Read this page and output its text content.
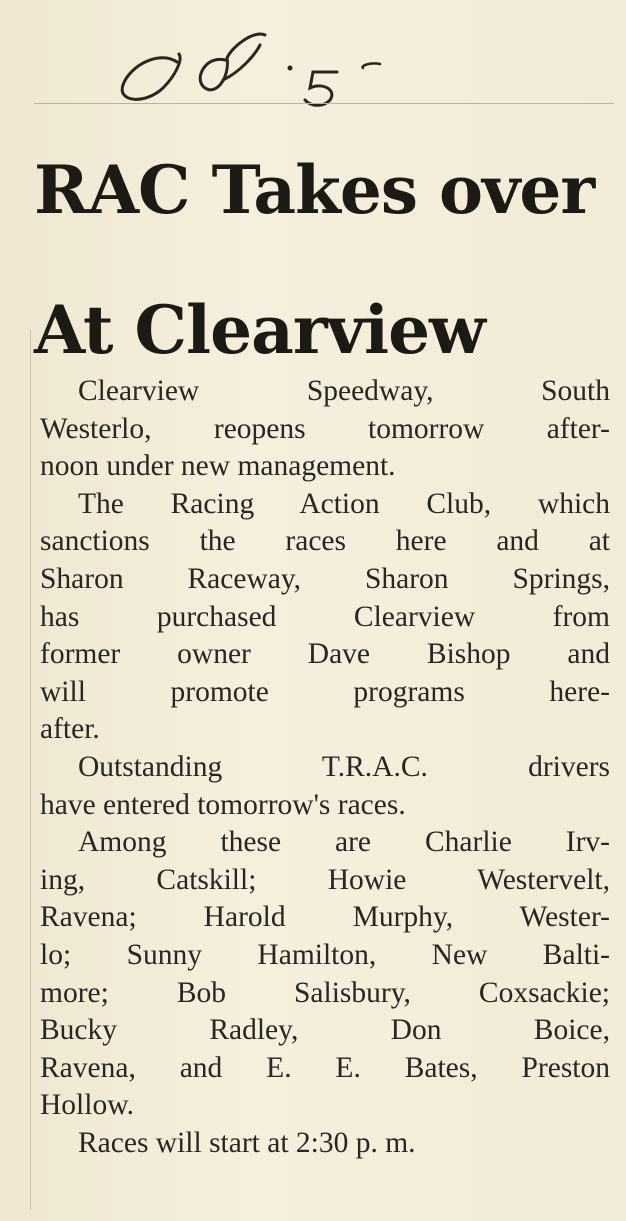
RAC Takes over
At Clearview

Clearview Speedway, South
Westerlo, reopens tomorrow after-
noon under new management.

The Racing Action Club, which
sanctions the races here and at
Sharon Raceway, Sharon Springs,
has purchased Clearview from
former owner Dave Bishop and
will promote programs here-
after.

Outstanding T.R.A.C. drivers
have entered tomorrow's races.

Among these are Charlie Irv-
ing, Catskill; Howie Westervelt,
Ravena; Harold Murphy, Wester-
lo; Sunny Hamilton, New Balti-
more; Bob Salisbury, Coxsackie;
Bucky Radley, Don Boice,
Ravena, and E. E. Bates, Preston
Hollow.

Races will start at 2:30 p. m.
